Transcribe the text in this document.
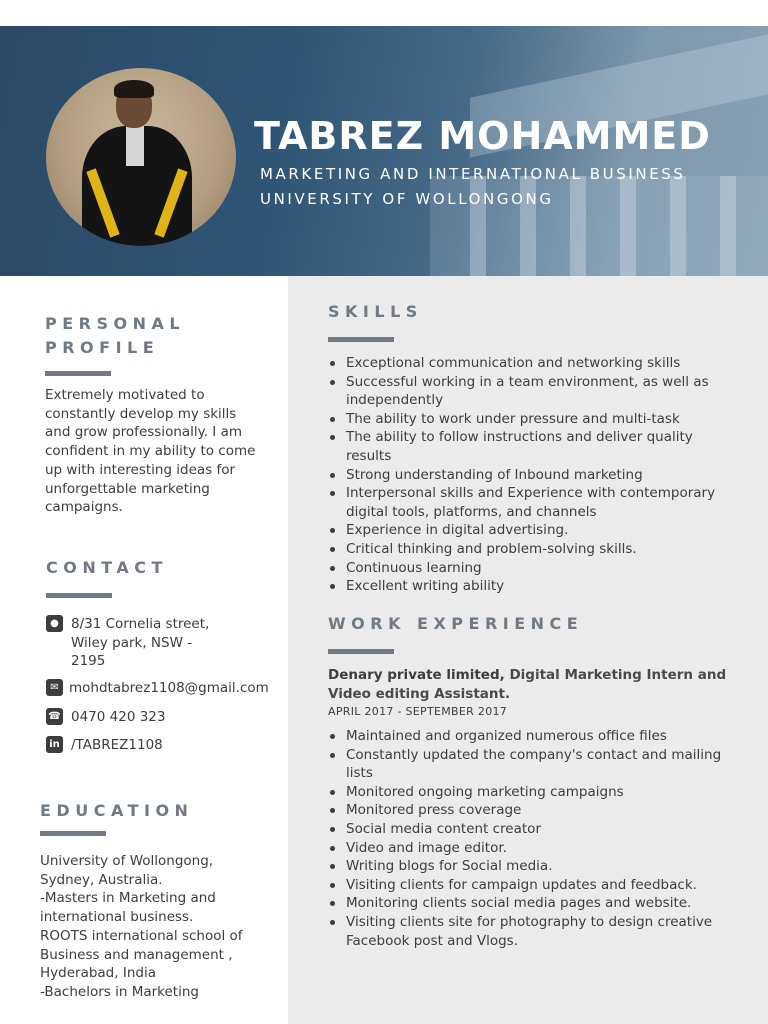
TABREZ MOHAMMED
MARKETING AND INTERNATIONAL BUSINESS
UNIVERSITY OF WOLLONGONG
PERSONAL
PROFILE
Extremely motivated to constantly develop my skills and grow professionally. I am confident in my ability to come up with interesting ideas for unforgettable marketing campaigns.
CONTACT
● 8/31 Cornelia street,
Wiley park, NSW -
2195
✉ mohdtabrez1108@gmail.com
☎ 0470 420 323
in /TABREZ1108
EDUCATION
University of Wollongong,
Sydney, Australia.
-Masters in Marketing and
international business.
ROOTS international school of
Business and management ,
Hyderabad, India
-Bachelors in Marketing
SKILLS
Exceptional communication and networking skills
Successful working in a team environment, as well as independently
The ability to work under pressure and multi-task
The ability to follow instructions and deliver quality results
Strong understanding of Inbound marketing
Interpersonal skills and Experience with contemporary digital tools, platforms, and channels
Experience in digital advertising.
Critical thinking and problem-solving skills.
Continuous learning
Excellent writing ability
WORK EXPERIENCE
Denary private limited, Digital Marketing Intern and Video editing Assistant.
APRIL 2017 - SEPTEMBER 2017
Maintained and organized numerous office files
Constantly updated the company's contact and mailing lists
Monitored ongoing marketing campaigns
Monitored press coverage
Social media content creator
Video and image editor.
Writing blogs for Social media.
Visiting clients for campaign updates and feedback.
Monitoring clients social media pages and website.
Visiting clients site for photography to design creative Facebook post and Vlogs.
